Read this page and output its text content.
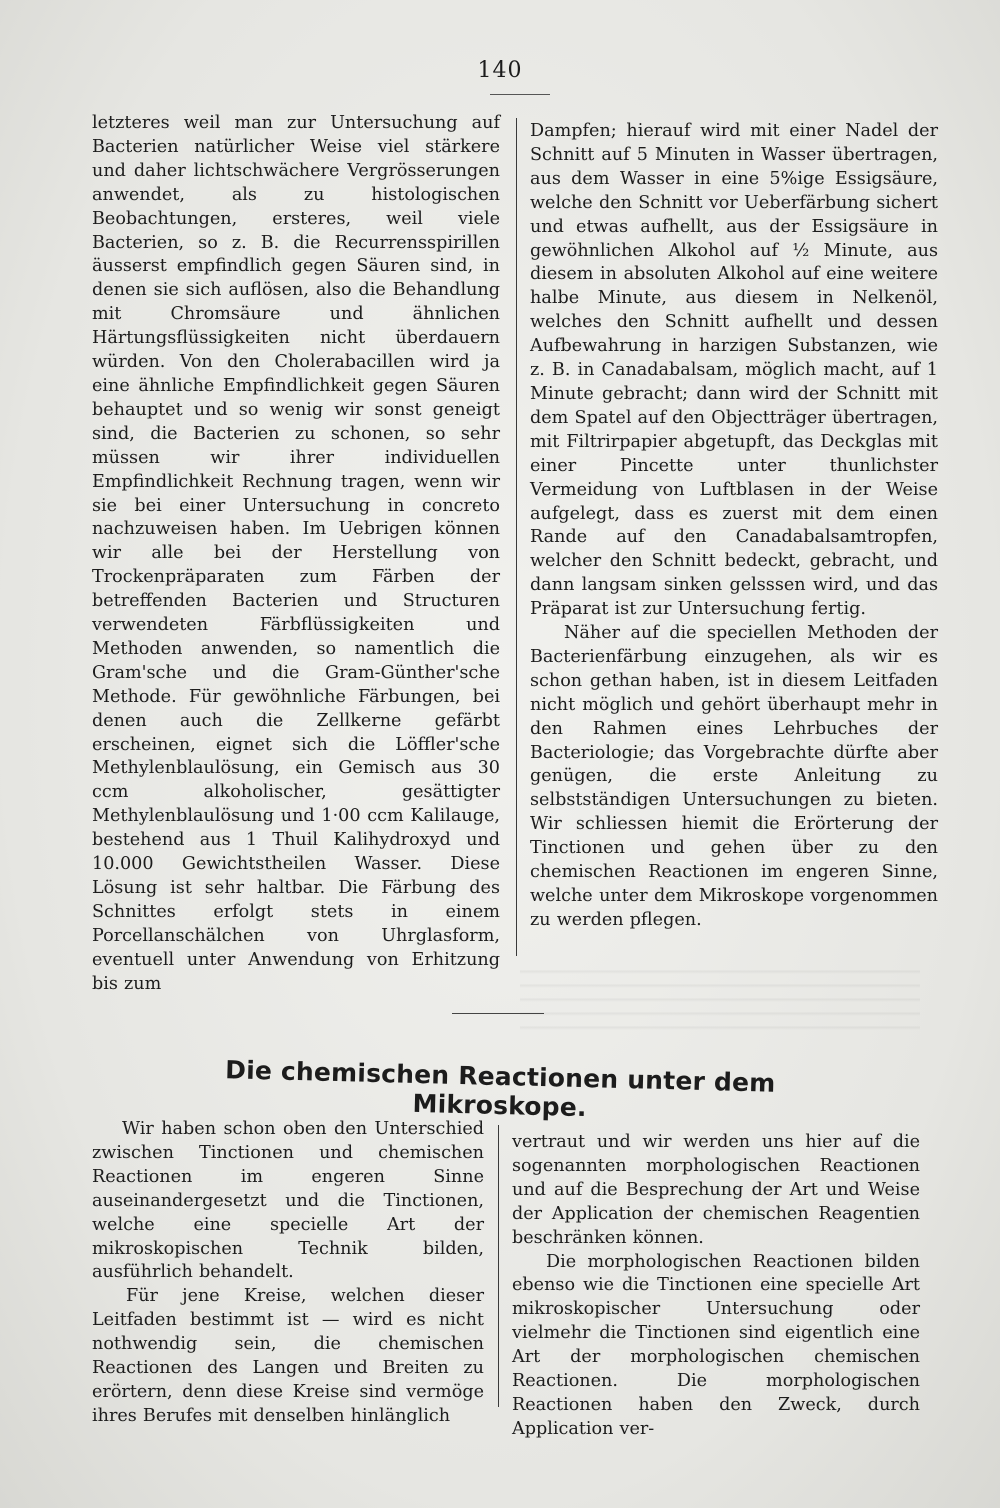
140

letzteres weil man zur Untersuchung auf Bacterien natürlicher Weise viel stärkere und daher lichtschwächere Vergrösserungen anwendet, als zu histologischen Beobachtungen, ersteres, weil viele Bacterien, so z. B. die Recurrensspirillen äusserst empfindlich gegen Säuren sind, in denen sie sich auflösen, also die Behandlung mit Chromsäure und ähnlichen Härtungsflüssigkeiten nicht überdauern würden. Von den Cholerabacillen wird ja eine ähnliche Empfindlichkeit gegen Säuren behauptet und so wenig wir sonst geneigt sind, die Bacterien zu schonen, so sehr müssen wir ihrer individuellen Empfindlichkeit Rechnung tragen, wenn wir sie bei einer Untersuchung in concreto nachzuweisen haben. Im Uebrigen können wir alle bei der Herstellung von Trockenpräparaten zum Färben der betreffenden Bacterien und Structuren verwendeten Färbflüssigkeiten und Methoden anwenden, so namentlich die Gram'sche und die Gram-Günther'sche Methode. Für gewöhnliche Färbungen, bei denen auch die Zellkerne gefärbt erscheinen, eignet sich die Löffler'sche Methylenblaulösung, ein Gemisch aus 30 ccm alkoholischer, gesättigter Methylenblaulösung und 1·00 ccm Kalilauge, bestehend aus 1 Thuil Kalihydroxyd und 10.000 Gewichtstheilen Wasser. Diese Lösung ist sehr haltbar. Die Färbung des Schnittes erfolgt stets in einem Porcellanschälchen von Uhrglasform, eventuell unter Anwendung von Erhitzung bis zum

Dampfen; hierauf wird mit einer Nadel der Schnitt auf 5 Minuten in Wasser übertragen, aus dem Wasser in eine 5%ige Essigsäure, welche den Schnitt vor Ueberfärbung sichert und etwas aufhellt, aus der Essigsäure in gewöhnlichen Alkohol auf ½ Minute, aus diesem in absoluten Alkohol auf eine weitere halbe Minute, aus diesem in Nelkenöl, welches den Schnitt aufhellt und dessen Aufbewahrung in harzigen Substanzen, wie z. B. in Canadabalsam, möglich macht, auf 1 Minute gebracht; dann wird der Schnitt mit dem Spatel auf den Objectträger übertragen, mit Filtrirpapier abgetupft, das Deckglas mit einer Pincette unter thunlichster Vermeidung von Luftblasen in der Weise aufgelegt, dass es zuerst mit dem einen Rande auf den Canadabalsamtropfen, welcher den Schnitt bedeckt, gebracht, und dann langsam sinken gelsssen wird, und das Präparat ist zur Untersuchung fertig.

Näher auf die speciellen Methoden der Bacterienfärbung einzugehen, als wir es schon gethan haben, ist in diesem Leitfaden nicht möglich und gehört überhaupt mehr in den Rahmen eines Lehrbuches der Bacteriologie; das Vorgebrachte dürfte aber genügen, die erste Anleitung zu selbstständigen Untersuchungen zu bieten. Wir schliessen hiemit die Erörterung der Tinctionen und gehen über zu den chemischen Reactionen im engeren Sinne, welche unter dem Mikroskope vorgenommen zu werden pflegen.

Die chemischen Reactionen unter dem Mikroskope.

Wir haben schon oben den Unterschied zwischen Tinctionen und chemischen Reactionen im engeren Sinne auseinandergesetzt und die Tinctionen, welche eine specielle Art der mikroskopischen Technik bilden, ausführlich behandelt.

Für jene Kreise, welchen dieser Leitfaden bestimmt ist — wird es nicht nothwendig sein, die chemischen Reactionen des Langen und Breiten zu erörtern, denn diese Kreise sind vermöge ihres Berufes mit denselben hinlänglich

vertraut und wir werden uns hier auf die sogenannten morphologischen Reactionen und auf die Besprechung der Art und Weise der Application der chemischen Reagentien beschränken können.

Die morphologischen Reactionen bilden ebenso wie die Tinctionen eine specielle Art mikroskopischer Untersuchung oder vielmehr die Tinctionen sind eigentlich eine Art der morphologischen chemischen Reactionen. Die morphologischen Reactionen haben den Zweck, durch Application ver-
